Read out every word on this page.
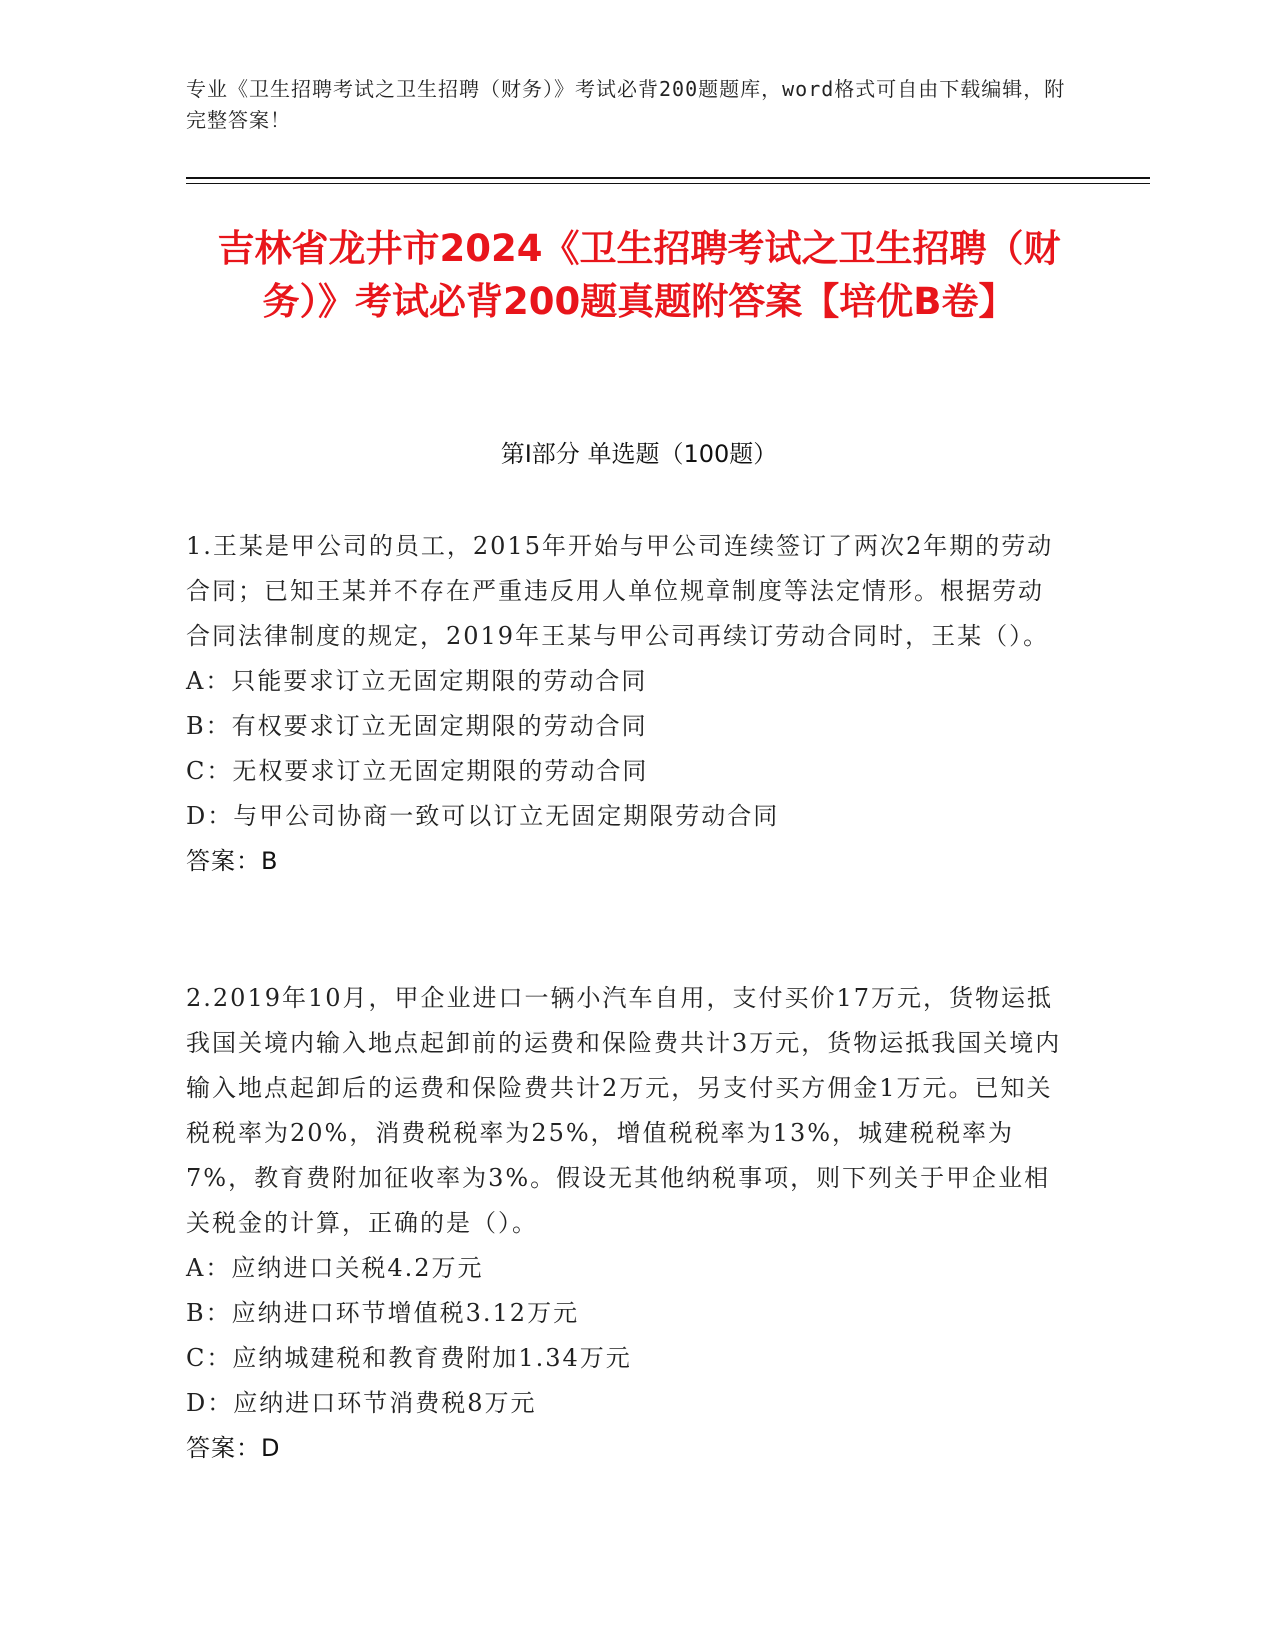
专业《卫生招聘考试之卫生招聘（财务）》考试必背200题题库，word格式可自由下载编辑，附完整答案！
吉林省龙井市2024《卫生招聘考试之卫生招聘（财务）》考试必背200题真题附答案【培优B卷】
第I部分 单选题（100题）

1.王某是甲公司的员工，2015年开始与甲公司连续签订了两次2年期的劳动合同；已知王某并不存在严重违反用人单位规章制度等法定情形。根据劳动合同法律制度的规定，2019年王某与甲公司再续订劳动合同时，王某（）。

A：只能要求订立无固定期限的劳动合同

B：有权要求订立无固定期限的劳动合同

C：无权要求订立无固定期限的劳动合同

D：与甲公司协商一致可以订立无固定期限劳动合同

答案：B

2.2019年10月，甲企业进口一辆小汽车自用，支付买价17万元，货物运抵我国关境内输入地点起卸前的运费和保险费共计3万元，货物运抵我国关境内输入地点起卸后的运费和保险费共计2万元，另支付买方佣金1万元。已知关税税率为20%，消费税税率为25%，增值税税率为13%，城建税税率为7%，教育费附加征收率为3%。假设无其他纳税事项，则下列关于甲企业相关税金的计算，正确的是（）。

A：应纳进口关税4.2万元

B：应纳进口环节增值税3.12万元

C：应纳城建税和教育费附加1.34万元

D：应纳进口环节消费税8万元

答案：D
